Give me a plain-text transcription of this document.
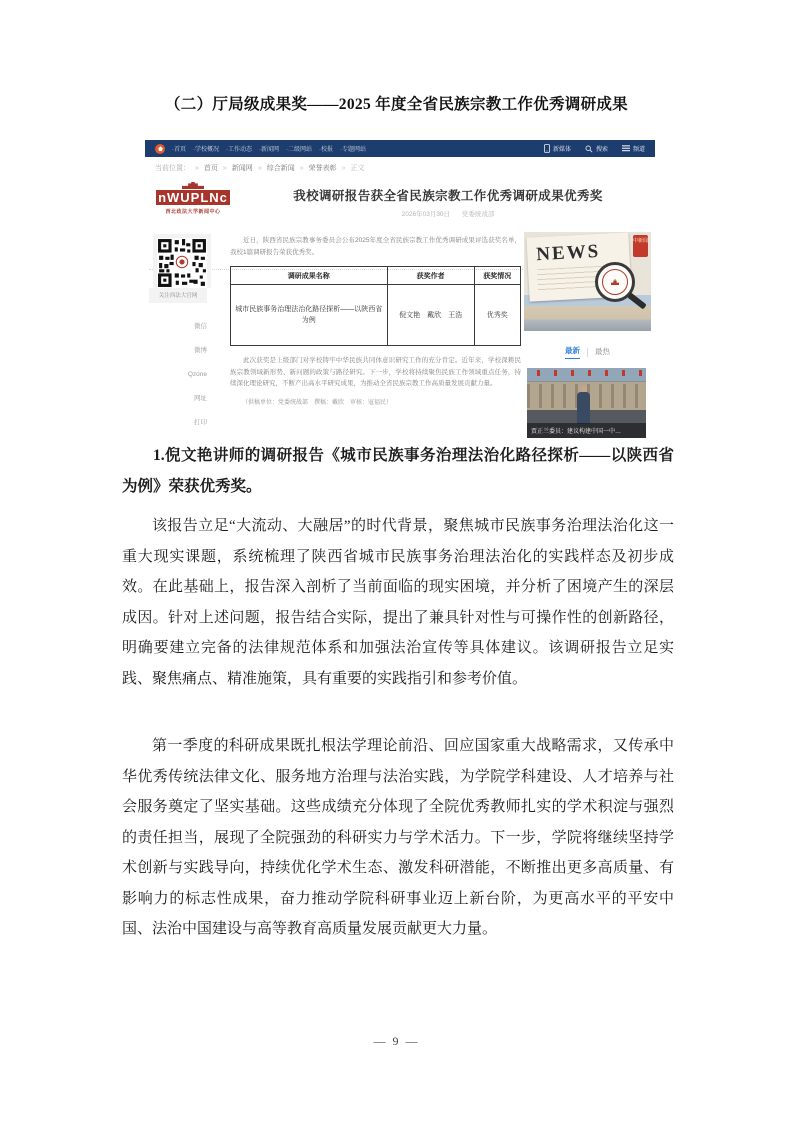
（二）厅局级成果奖——2025 年度全省民族宗教工作优秀调研成果
·首页 ·学校概况 ·工作动态 ·新闻网 ·二级网站 ·校报 ·专题网站	新媒体	搜索	频道
当前位置： » 首页 » 新闻网 » 综合新闻 » 荣誉表彰 » 正文
nWUPLNc
西北政法大学新闻中心
我校调研报告获全省民族宗教工作优秀调研成果优秀奖
2026年03月30日 党委统战部
关注西法大官网
微信
微博
Qzone
网址
打印

近日，陕西省民族宗教事务委员会公布2025年度全省民族宗教工作优秀调研成果评选获奖名单，我校1篇调研报告荣获优秀奖。

调研成果名称	获奖作者	获奖情况
城市民族事务治理法治化路径探析——以陕西省为例	倪文艳　戴欣　王浩	优秀奖

此次获奖是上级部门对学校铸牢中华民族共同体意识研究工作的充分肯定。近年来，学校深耕民族宗教领域新形势、新问题的政策与路径研究。下一步，学校将持续聚焦民族工作领域重点任务，持续深化理论研究，不断产出高水平研究成果，为推动全省民族宗教工作高质量发展贡献力量。

（供稿单位：党委统战部　撰稿：戴欣　审核：寇福民）

NEWS	中新闻
最新 最热
贾正兰委员：建议构建中国一中…

1.倪文艳讲师的调研报告《城市民族事务治理法治化路径探析——以陕西省为例》荣获优秀奖。

该报告立足“大流动、大融居”的时代背景，聚焦城市民族事务治理法治化这一重大现实课题，系统梳理了陕西省城市民族事务治理法治化的实践样态及初步成效。在此基础上，报告深入剖析了当前面临的现实困境，并分析了困境产生的深层成因。针对上述问题，报告结合实际，提出了兼具针对性与可操作性的创新路径，明确要建立完备的法律规范体系和加强法治宣传等具体建议。该调研报告立足实践、聚焦痛点、精准施策，具有重要的实践指引和参考价值。

第一季度的科研成果既扎根法学理论前沿、回应国家重大战略需求，又传承中华优秀传统法律文化、服务地方治理与法治实践，为学院学科建设、人才培养与社会服务奠定了坚实基础。这些成绩充分体现了全院优秀教师扎实的学术积淀与强烈的责任担当，展现了全院强劲的科研实力与学术活力。下一步，学院将继续坚持学术创新与实践导向，持续优化学术生态、激发科研潜能，不断推出更多高质量、有影响力的标志性成果，奋力推动学院科研事业迈上新台阶，为更高水平的平安中国、法治中国建设与高等教育高质量发展贡献更大力量。

— 9 —
